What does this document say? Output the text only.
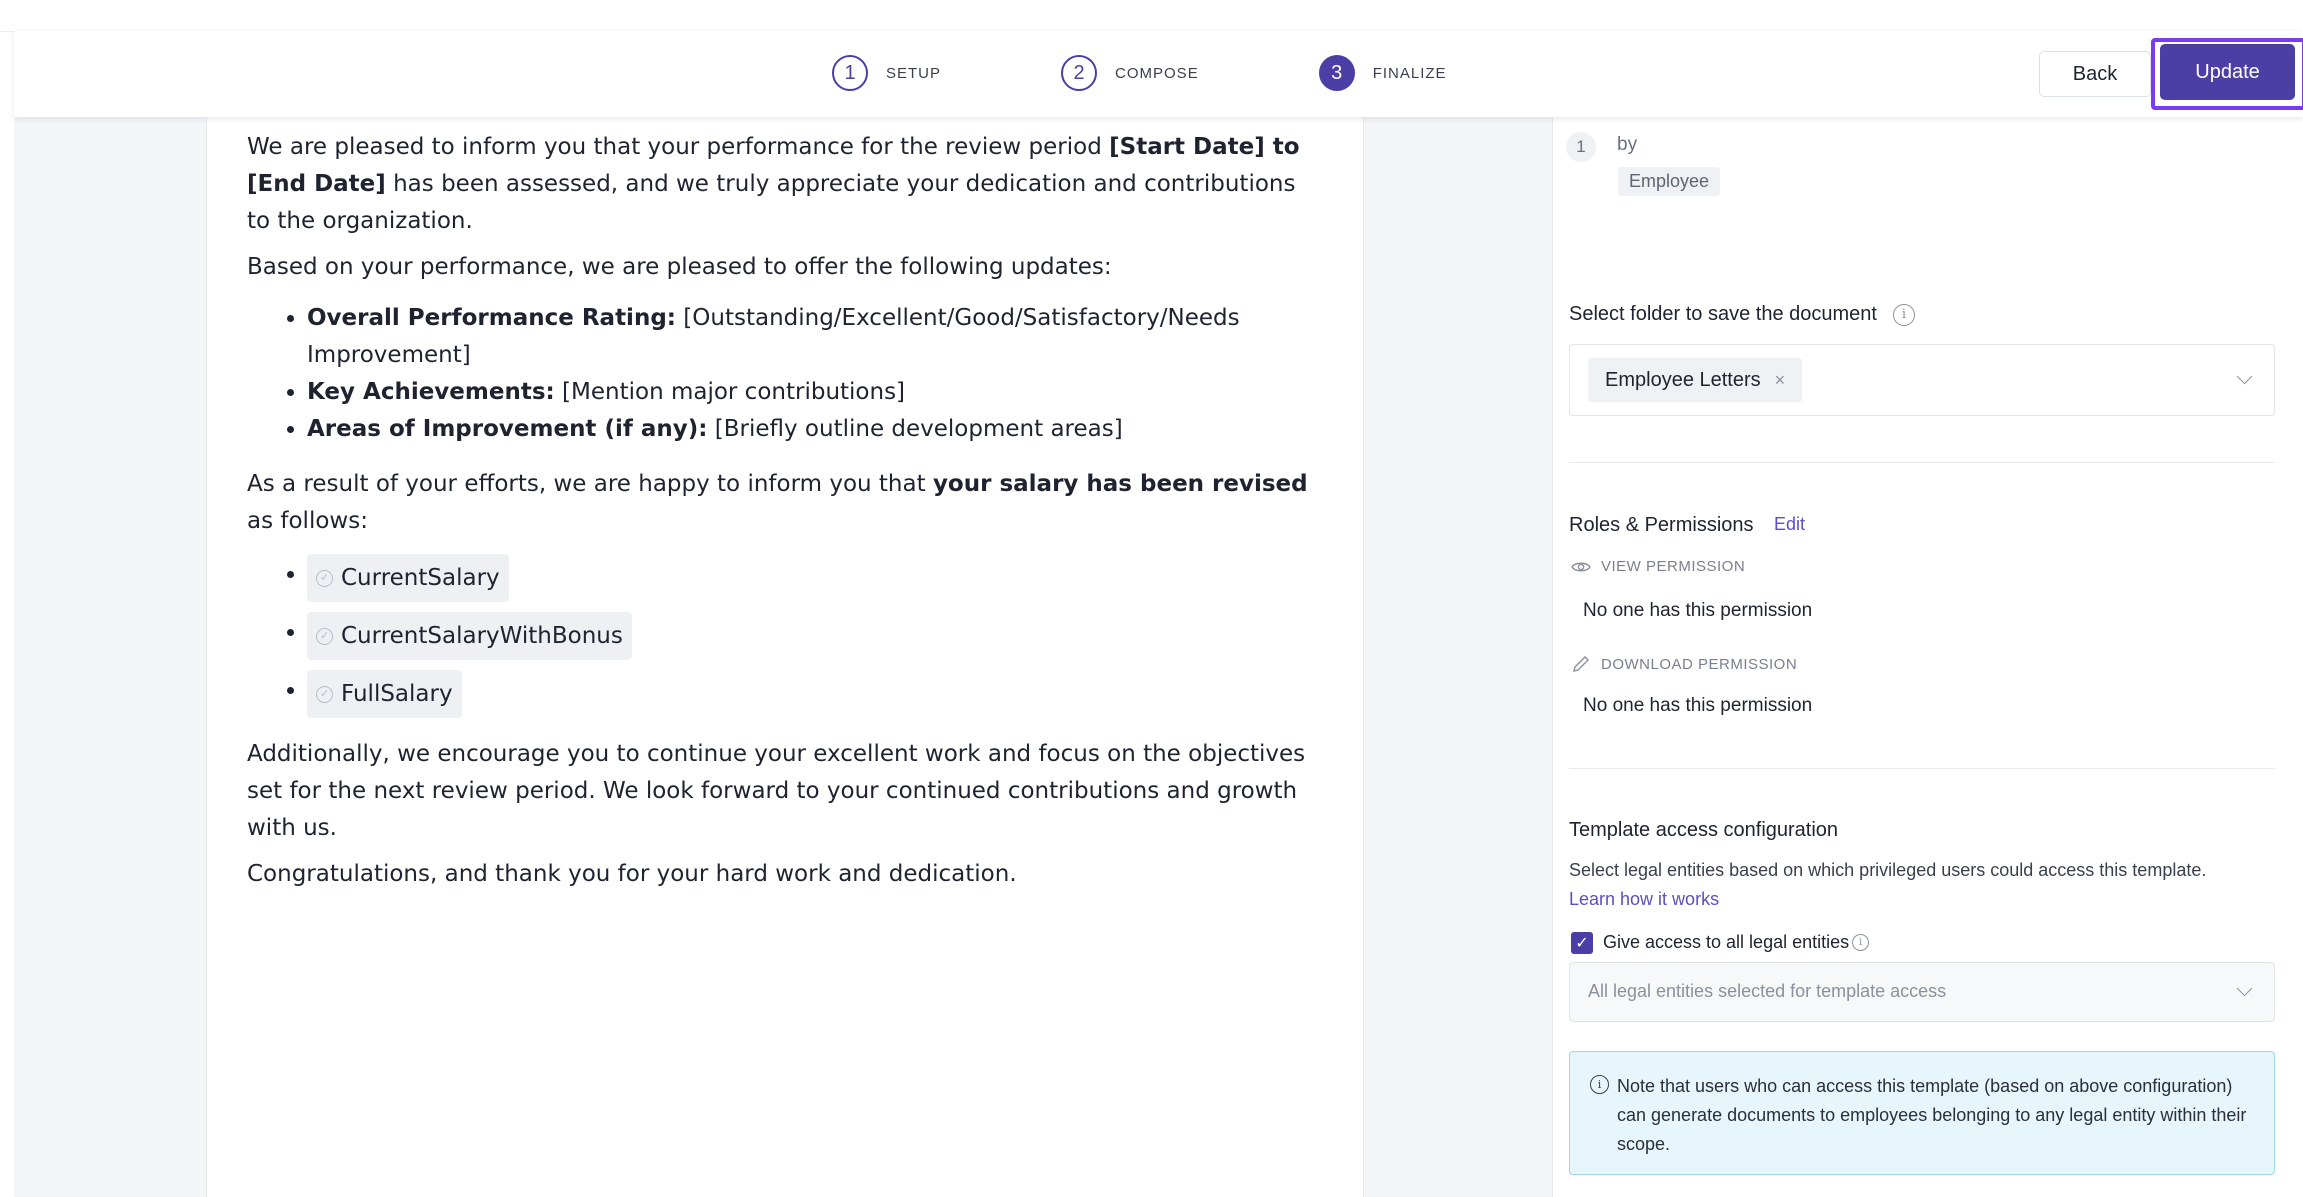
We are pleased to inform you that your performance for the review period [Start Date] to [End Date] has been assessed, and we truly appreciate your dedication and contributions to the organization.

Based on your performance, we are pleased to offer the following updates:

• Overall Performance Rating: [Outstanding/Excellent/Good/Satisfactory/Needs Improvement]
• Key Achievements: [Mention major contributions]
• Areas of Improvement (if any): [Briefly outline development areas]

As a result of your efforts, we are happy to inform you that your salary has been revised as follows:

• ✓ CurrentSalary
• ✓ CurrentSalaryWithBonus
• ✓ FullSalary

Additionally, we encourage you to continue your excellent work and focus on the objectives set for the next review period. We look forward to your continued contributions and growth with us.

Congratulations, and thank you for your hard work and dedication.

1	by
Employee
Select folder to save the document	i
Employee Letters ×
Roles & Permissions Edit
VIEW PERMISSION
No one has this permission
DOWNLOAD PERMISSION
No one has this permission
Template access configuration
Select legal entities based on which privileged users could access this template. Learn how it works
✓ Give access to all legal entities i
All legal entities selected for template access
i Note that users who can access this template (based on above configuration) can generate documents to employees belonging to any legal entity within their scope.
1	SETUP	2	COMPOSE	3	FINALIZE	Back	Update
